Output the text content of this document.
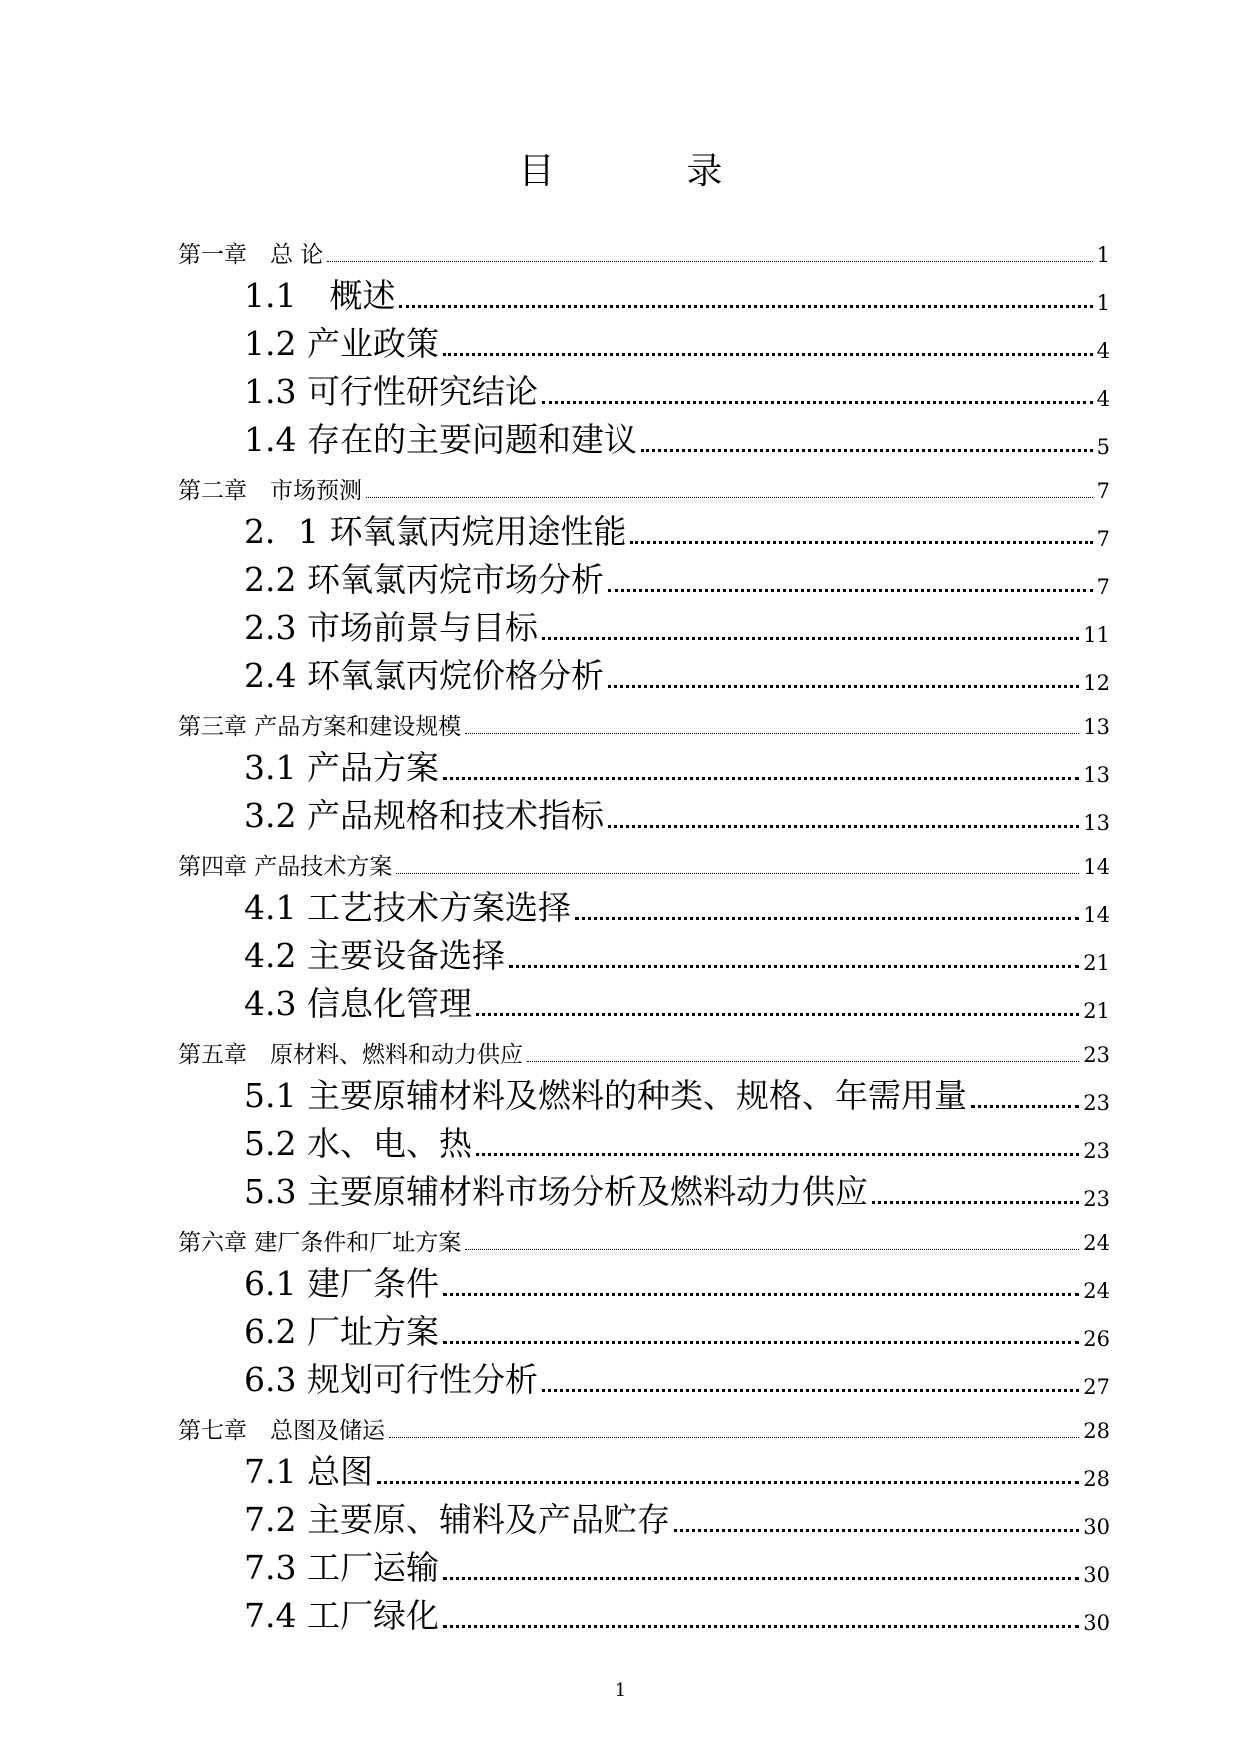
目　录
第一章　总 论	1
1.1　概述	1
1.2 产业政策	4
1.3 可行性研究结论	4
1.4 存在的主要问题和建议	5
第二章　市场预测	7
2．1 环氧氯丙烷用途性能	7
2.2 环氧氯丙烷市场分析	7
2.3 市场前景与目标	11
2.4 环氧氯丙烷价格分析	12
第三章 产品方案和建设规模	13
3.1 产品方案	13
3.2 产品规格和技术指标	13
第四章 产品技术方案	14
4.1 工艺技术方案选择	14
4.2 主要设备选择	21
4.3 信息化管理	21
第五章　原材料、燃料和动力供应	23
5.1 主要原辅材料及燃料的种类、规格、年需用量	23
5.2 水、电、热	23
5.3 主要原辅材料市场分析及燃料动力供应	23
第六章 建厂条件和厂址方案	24
6.1 建厂条件	24
6.2 厂址方案	26
6.3 规划可行性分析	27
第七章　总图及储运	28
7.1 总图	28
7.2 主要原、辅料及产品贮存	30
7.3 工厂运输	30
7.4 工厂绿化	30
1
